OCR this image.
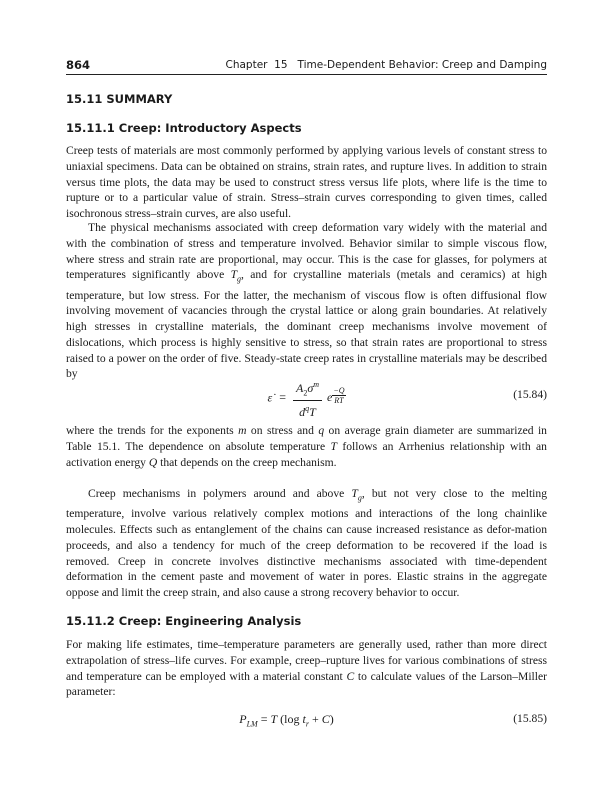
864	Chapter  15   Time-Dependent Behavior: Creep and Damping
15.11 SUMMARY
15.11.1 Creep: Introductory Aspects

Creep tests of materials are most commonly performed by applying various levels of constant stress to uniaxial specimens. Data can be obtained on strains, strain rates, and rupture lives. In addition to strain versus time plots, the data may be used to construct stress versus life plots, where life is the time to rupture or to a particular value of strain. Stress–strain curves corresponding to given times, called isochronous stress–strain curves, are also useful.

The physical mechanisms associated with creep deformation vary widely with the material and with the combination of stress and temperature involved. Behavior similar to simple viscous flow, where stress and strain rate are proportional, may occur. This is the case for glasses, for polymers at temperatures significantly above $T_g$, and for crystalline materials (metals and ceramics) at high temperature, but low stress. For the latter, the mechanism of viscous flow is often diffusional flow involving movement of vacancies through the crystal lattice or along grain boundaries. At relatively high stresses in crystalline materials, the dominant creep mechanisms involve movement of dislocations, which process is highly sensitive to stress, so that strain rates are proportional to stress raised to a power on the order of five. Steady-state creep rates in crystalline materials may be described by

ε̇ = $\frac{A_2\sigma^m}{d^qT}$ e $\frac{-Q}{RT}$	(15.84)

where the trends for the exponents m on stress and q on average grain diameter are summarized in Table 15.1. The dependence on absolute temperature T follows an Arrhenius relationship with an activation energy Q that depends on the creep mechanism.

Creep mechanisms in polymers around and above $T_g$, but not very close to the melting temperature, involve various relatively complex motions and interactions of the long chainlike molecules. Effects such as entanglement of the chains can cause increased resistance as defor-mation proceeds, and also a tendency for much of the creep deformation to be recovered if the load is removed. Creep in concrete involves distinctive mechanisms associated with time-dependent deformation in the cement paste and movement of water in pores. Elastic strains in the aggregate oppose and limit the creep strain, and also cause a strong recovery behavior to occur.

15.11.2 Creep: Engineering Analysis

For making life estimates, time–temperature parameters are generally used, rather than more direct extrapolation of stress–life curves. For example, creep–rupture lives for various combinations of stress and temperature can be employed with a material constant C to calculate values of the Larson–Miller parameter:

$P_{LM} = T$ (log $t_r + C$)	(15.85)
